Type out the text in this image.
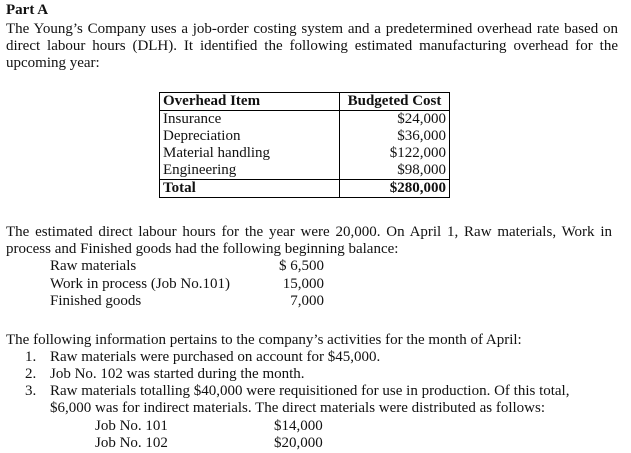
Part A
The Young’s Company uses a job-order costing system and a predetermined overhead rate based on direct labour hours (DLH). It identified the following estimated manufacturing overhead for the upcoming year:
Overhead Item	Budgeted Cost
Insurance	$24,000
Depreciation	$36,000
Material handling	$122,000
Engineering	$98,000
Total	$280,000
The estimated direct labour hours for the year were 20,000. On April 1, Raw materials, Work in process and Finished goods had the following beginning balance:
Raw materials	$ 6,500
Work in process (Job No.101)	15,000
Finished goods	7,000
The following information pertains to the company’s activities for the month of April:
1. Raw materials were purchased on account for $45,000.
2. Job No. 102 was started during the month.
3. Raw materials totalling $40,000 were requisitioned for use in production. Of this total,
$6,000 was for indirect materials. The direct materials were distributed as follows:
Job No. 101	$14,000
Job No. 102	$20,000
